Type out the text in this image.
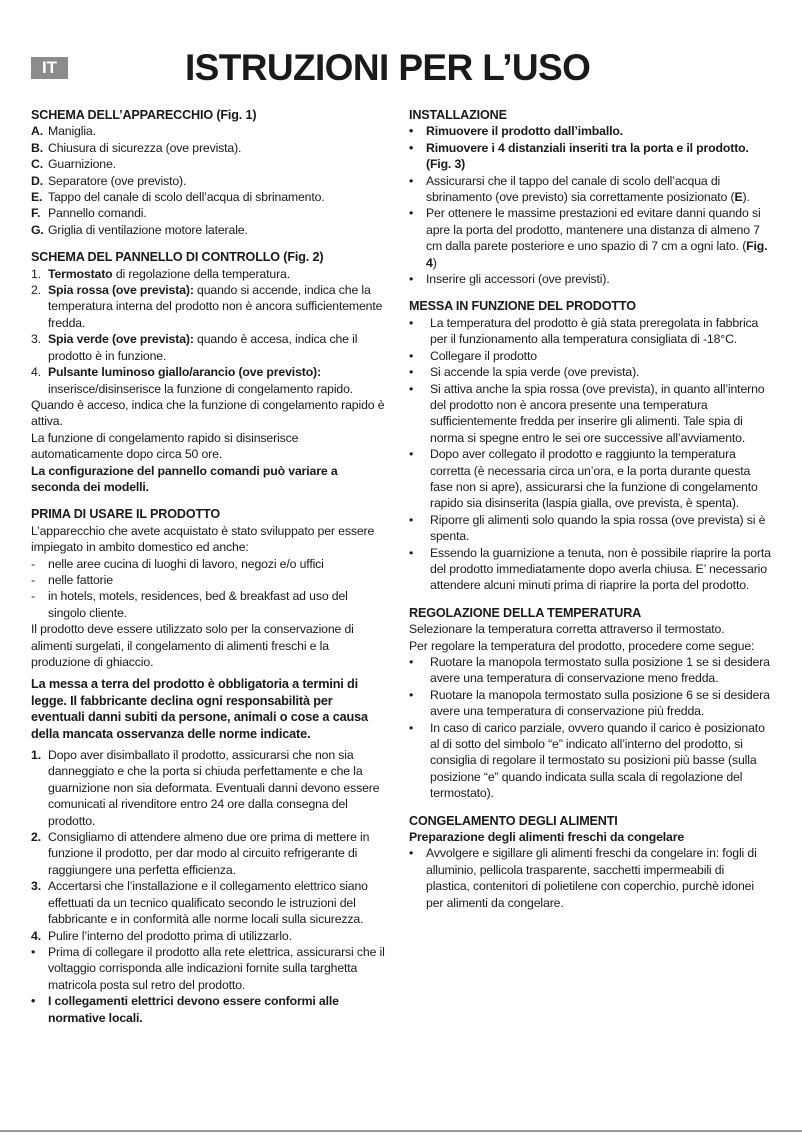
IT	ISTRUZIONI PER L’USO

SCHEMA DELL’APPARECCHIO (Fig. 1)

A. Maniglia.

B. Chiusura di sicurezza (ove prevista).

C. Guarnizione.

D. Separatore (ove previsto).

E. Tappo del canale di scolo dell’acqua di sbrinamento.

F. Pannello comandi.

G. Griglia di ventilazione motore laterale.

SCHEMA DEL PANNELLO DI CONTROLLO (Fig. 2)

1. Termostato di regolazione della temperatura.

2. Spia rossa (ove prevista): quando si accende, indica che la temperatura interna del prodotto non è ancora sufficientemente fredda.

3. Spia verde (ove prevista): quando è accesa, indica che il prodotto è in funzione.

4. Pulsante luminoso giallo/arancio (ove previsto): inserisce/disinserisce la funzione di congelamento rapido.

Quando è acceso, indica che la funzione di congelamento rapido è attiva.

La funzione di congelamento rapido si disinserisce automaticamente dopo circa 50 ore.

La configurazione del pannello comandi può variare a seconda dei modelli.

PRIMA DI USARE IL PRODOTTO

L’apparecchio che avete acquistato è stato sviluppato per essere impiegato in ambito domestico ed anche:

- nelle aree cucina di luoghi di lavoro, negozi e/o uffici

- nelle fattorie

- in hotels, motels, residences, bed & breakfast ad uso del singolo cliente.

Il prodotto deve essere utilizzato solo per la conservazione di alimenti surgelati, il congelamento di alimenti freschi e la produzione di ghiaccio.

La messa a terra del prodotto è obbligatoria a termini di legge. Il fabbricante declina ogni responsabilità per eventuali danni subiti da persone, animali o cose a causa della mancata osservanza delle norme indicate.

1. Dopo aver disimballato il prodotto, assicurarsi che non sia danneggiato e che la porta si chiuda perfettamente e che la guarnizione non sia deformata. Eventuali danni devono essere comunicati al rivenditore entro 24 ore dalla consegna del prodotto.

2. Consigliamo di attendere almeno due ore prima di mettere in funzione il prodotto, per dar modo al circuito refrigerante di raggiungere una perfetta efficienza.

3. Accertarsi che l’installazione e il collegamento elettrico siano effettuati da un tecnico qualificato secondo le istruzioni del fabbricante e in conformità alle norme locali sulla sicurezza.

4. Pulire l’interno del prodotto prima di utilizzarlo.

• Prima di collegare il prodotto alla rete elettrica, assicurarsi che il voltaggio corrisponda alle indicazioni fornite sulla targhetta matricola posta sul retro del prodotto.

• I collegamenti elettrici devono essere conformi alle normative locali.

INSTALLAZIONE

• Rimuovere il prodotto dall’imballo.

• Rimuovere i 4 distanziali inseriti tra la porta e il prodotto. (Fig. 3)

• Assicurarsi che il tappo del canale di scolo dell’acqua di sbrinamento (ove previsto) sia correttamente posizionato (E).

• Per ottenere le massime prestazioni ed evitare danni quando si apre la porta del prodotto, mantenere una distanza di almeno 7 cm dalla parete posteriore e uno spazio di 7 cm a ogni lato. (Fig. 4)

• Inserire gli accessori (ove previsti).

MESSA IN FUNZIONE DEL PRODOTTO

• La temperatura del prodotto è già stata preregolata in fabbrica per il funzionamento alla temperatura consigliata di -18°C.

• Collegare il prodotto

• Si accende la spia verde (ove prevista).

• Si attiva anche la spia rossa (ove prevista), in quanto all’interno del prodotto non è ancora presente una temperatura sufficientemente fredda per inserire gli alimenti. Tale spia di norma si spegne entro le sei ore successive all’avviamento.

• Dopo aver collegato il prodotto e raggiunto la temperatura corretta (è necessaria circa un’ora, e la porta durante questa fase non si apre), assicurarsi che la funzione di congelamento rapido sia disinserita (laspia gialla, ove prevista, è spenta).

• Riporre gli alimenti solo quando la spia rossa (ove prevista) si è spenta.

• Essendo la guarnizione a tenuta, non è possibile riaprire la porta del prodotto immediatamente dopo averla chiusa. E’ necessario attendere alcuni minuti prima di riaprire la porta del prodotto.

REGOLAZIONE DELLA TEMPERATURA

Selezionare la temperatura corretta attraverso il termostato.

Per regolare la temperatura del prodotto, procedere come segue:

• Ruotare la manopola termostato sulla posizione 1 se si desidera avere una temperatura di conservazione meno fredda.

• Ruotare la manopola termostato sulla posizione 6 se si desidera avere una temperatura di conservazione più fredda.

• In caso di carico parziale, ovvero quando il carico è posizionato al di sotto del simbolo “e” indicato all’interno del prodotto, si consiglia di regolare il termostato su posizioni più basse (sulla posizione “e” quando indicata sulla scala di regolazione del termostato).

CONGELAMENTO DEGLI ALIMENTI

Preparazione degli alimenti freschi da congelare

• Avvolgere e sigillare gli alimenti freschi da congelare in: fogli di alluminio, pellicola trasparente, sacchetti impermeabili di plastica, contenitori di polietilene con coperchio, purchè idonei per alimenti da congelare.
